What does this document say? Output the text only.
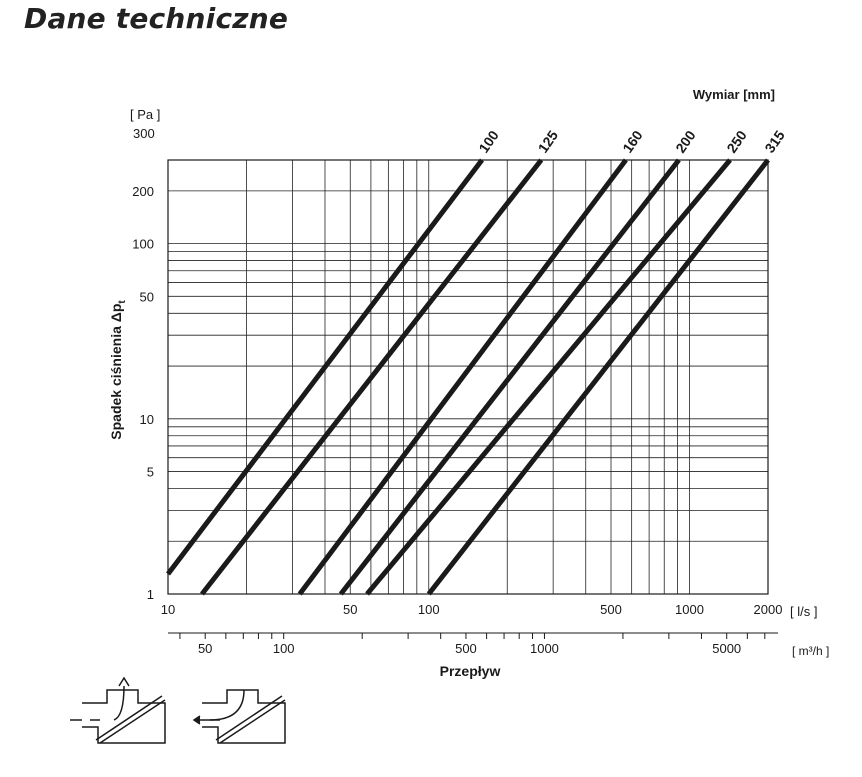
Dane techniczne
100 125	160 200 250 315
10	50	100	500	1000	2000
1
5
10
50
100
200
50	100	500	1000	5000
[ Pa ]
300
Wymiar [mm]
[ l/s ]
[ m³/h ]
Przepływ
Spadek ciśnienia $\Delta p_t$
